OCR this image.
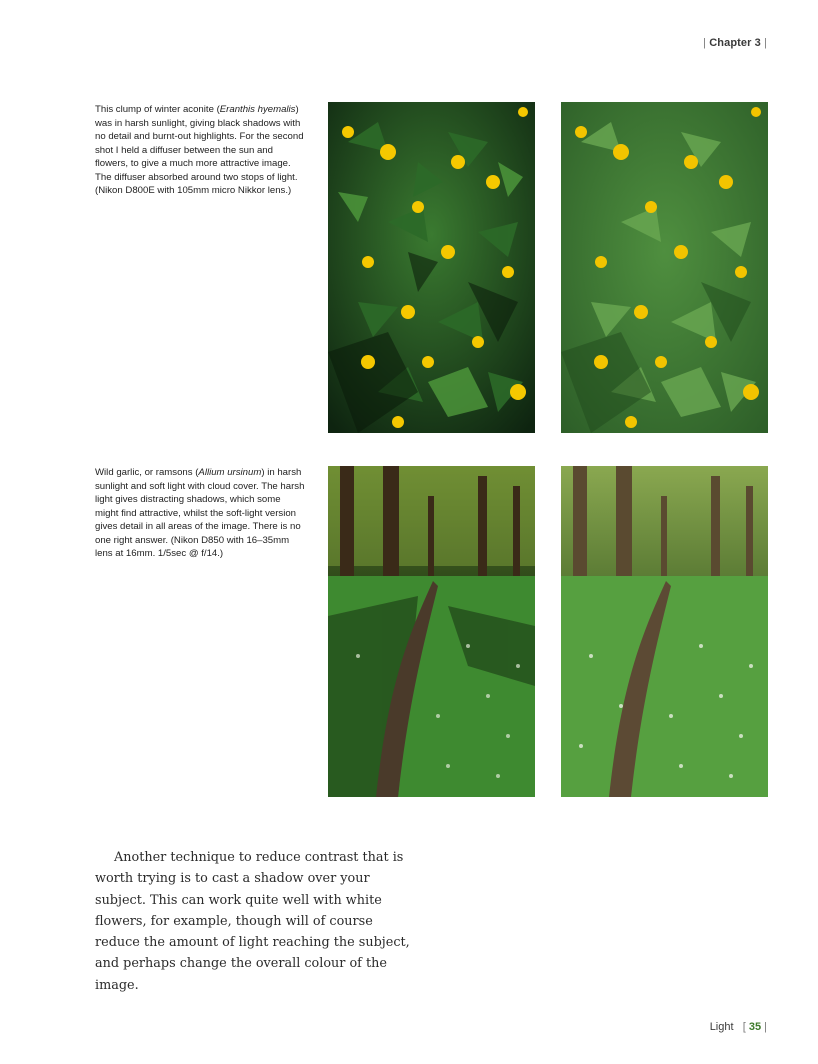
| Chapter 3 |
This clump of winter aconite (Eranthis hyemalis) was in harsh sunlight, giving black shadows with no detail and burnt-out highlights. For the second shot I held a diffuser between the sun and flowers, to give a much more attractive image. The diffuser absorbed around two stops of light. (Nikon D800E with 105mm micro Nikkor lens.)
Wild garlic, or ramsons (Allium ursinum) in harsh sunlight and soft light with cloud cover. The harsh light gives distracting shadows, which some might find attractive, whilst the soft-light version gives detail in all areas of the image. There is no one right answer. (Nikon D850 with 16–35mm lens at 16mm. 1/5sec @ f/14.)
Another technique to reduce contrast that is worth trying is to cast a shadow over your subject. This can work quite well with white flowers, for example, though will of course reduce the amount of light reaching the subject, and perhaps change the overall colour of the image.
Light   [ 35 |
